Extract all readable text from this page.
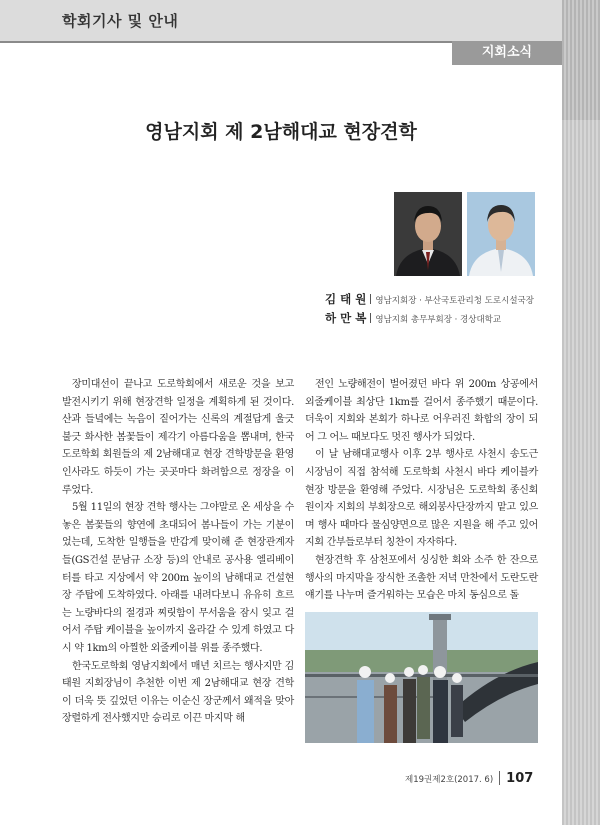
학회기사 및 안내
지회소식
영남지회 제 2남해대교 현장견학
김 태 원 영남지회장 · 부산국토관리청 도로시설국장
하 만 복 영남지회 총무부회장 · 경상대학교

장미대선이 끝나고 도로학회에서 새로운 것을 보고 발전시키기 위해 현장견학 일정을 계획하게 된 것이다. 산과 들녘에는 녹음이 짙어가는 신록의 계절답게 울긋불긋 화사한 봄꽃들이 제각기 아름다움을 뽐내며, 한국도로학회 회원들의 제 2남해대교 현장 견학방문을 환영 인사라도 하듯이 가는 곳곳마다 화려함으로 정장을 이루었다.

5월 11일의 현장 견학 행사는 그야말로 온 세상을 수놓은 봄꽃들의 향연에 초대되어 봄나들이 가는 기분이었는데, 도착한 일행들을 반갑게 맞이해 준 현장관계자들(GS건설 문남규 소장 등)의 안내로 공사용 엘리베이터를 타고 지상에서 약 200m 높이의 남해대교 건설현장 주탑에 도착하였다. 아래를 내려다보니 유유히 흐르는 노량바다의 절경과 찌릿함이 무서움을 잠시 잊고 걸어서 주탑 케이블을 높이까지 올라갈 수 있게 하였고 다시 약 1km의 아찔한 외줄케이블 위를 종주했다.

한국도로학회 영남지회에서 매년 치르는 행사지만 김태원 지회장님이 추천한 이번 제 2남해대교 현장 견학이 더욱 뜻 깊었던 이유는 이순신 장군께서 왜적을 맞아 장렬하게 전사했지만 승리로 이끈 마지막 해

전인 노량해전이 벌어졌던 바다 위 200m 상공에서 외줄케이블 최상단 1km를 걸어서 종주했기 때문이다. 더욱이 지회와 본회가 하나로 어우러진 화합의 장이 되어 그 어느 때보다도 멋진 행사가 되었다.

이 날 남해대교행사 이후 2부 행사로 사천시 송도근 시장님이 직접 참석해 도로학회 사천시 바다 케이블카 현장 방문을 환영해 주었다. 시장님은 도로학회 종신회원이자 지회의 부회장으로 해외봉사단장까지 맡고 있으며 행사 때마다 물심양면으로 많은 지원을 해 주고 있어 지회 간부들로부터 칭찬이 자자하다.

현장견학 후 삼천포에서 싱싱한 회와 소주 한 잔으로 행사의 마지막을 장식한 조촐한 저녁 만찬에서 도란도란 얘기를 나누며 즐거워하는 모습은 마치 동심으로 돌

제19권제2호(2017. 6) 107
